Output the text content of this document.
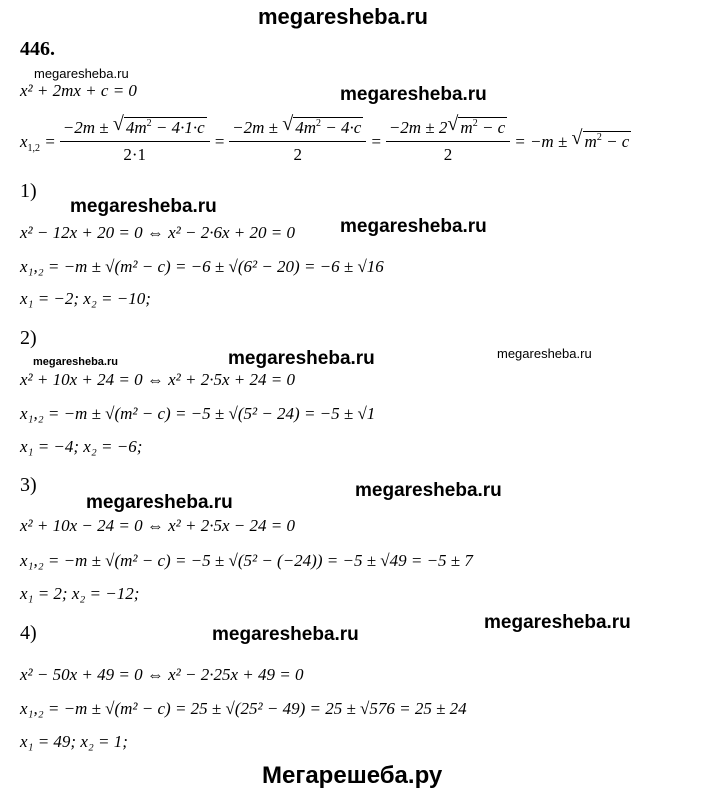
megaresheba.ru
megaresheba.ru
megaresheba.ru
megaresheba.ru
megaresheba.ru
megaresheba.ru	megaresheba.ru	megaresheba.ru
megaresheba.ru
megaresheba.ru
megaresheba.ru
megaresheba.ru
Мегарешеба.ру
446.
x² + 2mx + c = 0
$x_{1,2} = \frac{-2m \pm √ 4m^2 - 4\cdot 1\cdot c}{2\cdot 1} = \frac{-2m \pm √ 4m^2 - 4\cdot c}{2} = \frac{-2m \pm 2 √ m^2 - c}{2} = -m$ ± √ $m^2 - c$
1)
x² − 12x + 20 = 0 ⇔ x² − 2·6x + 20 = 0
x₁,₂ = −m ± √(m² − c) = −6 ± √(6² − 20) = −6 ± √16
x₁ = −2; x₂ = −10;
2)
x² + 10x + 24 = 0 ⇔ x² + 2·5x + 24 = 0
x₁,₂ = −m ± √(m² − c) = −5 ± √(5² − 24) = −5 ± √1
x₁ = −4; x₂ = −6;
3)
x² + 10x − 24 = 0 ⇔ x² + 2·5x − 24 = 0
x₁,₂ = −m ± √(m² − c) = −5 ± √(5² − (−24)) = −5 ± √49 = −5 ± 7
x₁ = 2; x₂ = −12;
4)
x² − 50x + 49 = 0 ⇔ x² − 2·25x + 49 = 0
x₁,₂ = −m ± √(m² − c) = 25 ± √(25² − 49) = 25 ± √576 = 25 ± 24
x₁ = 49; x₂ = 1;
